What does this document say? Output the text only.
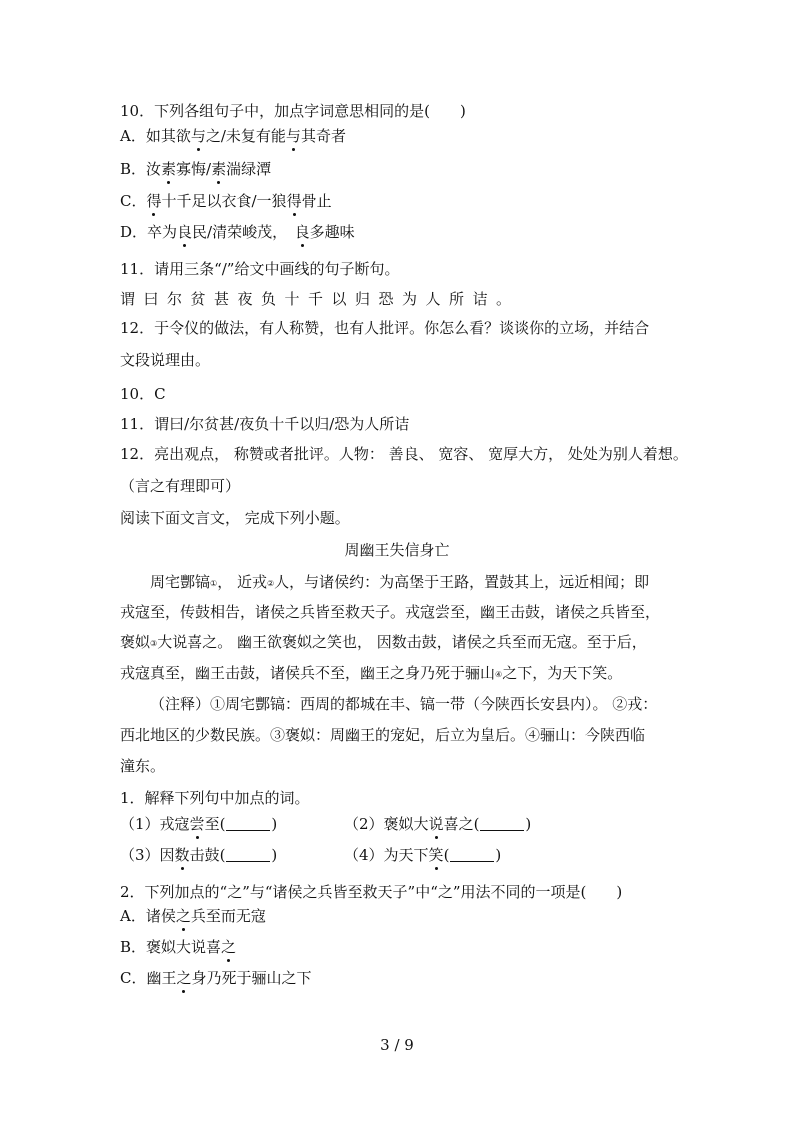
10．下列各组句子中，加点字词意思相同的是(　　)
A．如其欲与之/未复有能与其奇者
B．汝素寡悔/素湍绿潭
C．得十千足以衣食/一狼得骨止
D．卒为良民/清荣峻茂，　良多趣味
11．请用三条“/”给文中画线的句子断句。
谓曰尔贫甚夜负十千以归恐为人所诘。
12．于令仪的做法，有人称赞，也有人批评。你怎么看？谈谈你的立场，并结合
文段说理由。
10．C
11．谓曰/尔贫甚/夜负十千以归/恐为人所诘
12．亮出观点， 称赞或者批评。人物： 善良、 宽容、 宽厚大方， 处处为别人着想。
（言之有理即可）
阅读下面文言文， 完成下列小题。
周幽王失信身亡
周宅酆镐①， 近戎②人，与诸侯约：为高堡于王路，置鼓其上，远近相闻；即
戎寇至，传鼓相告，诸侯之兵皆至救天子。戎寇尝至，幽王击鼓，诸侯之兵皆至，
褒姒③大说喜之。 幽王欲褒姒之笑也， 因数击鼓，诸侯之兵至而无寇。至于后，
戎寇真至，幽王击鼓，诸侯兵不至，幽王之身乃死于骊山④之下，为天下笑。
（注释）①周宅酆镐：西周的都城在丰、镐一带（今陕西长安县内）。 ②戎：
西北地区的少数民族。③褒姒：周幽王的宠妃，后立为皇后。④骊山：今陕西临
潼东。
1．解释下列句中加点的词。
（1）戎寇尝至(	)	（2）褒姒大说喜之(	)
（3）因数击鼓(	)	（4）为天下笑(	)
2．下列加点的“之”与“诸侯之兵皆至救天子”中“之”用法不同的一项是(　　)
A．诸侯之兵至而无寇
B．褒姒大说喜之
C．幽王之身乃死于骊山之下
3 / 9
